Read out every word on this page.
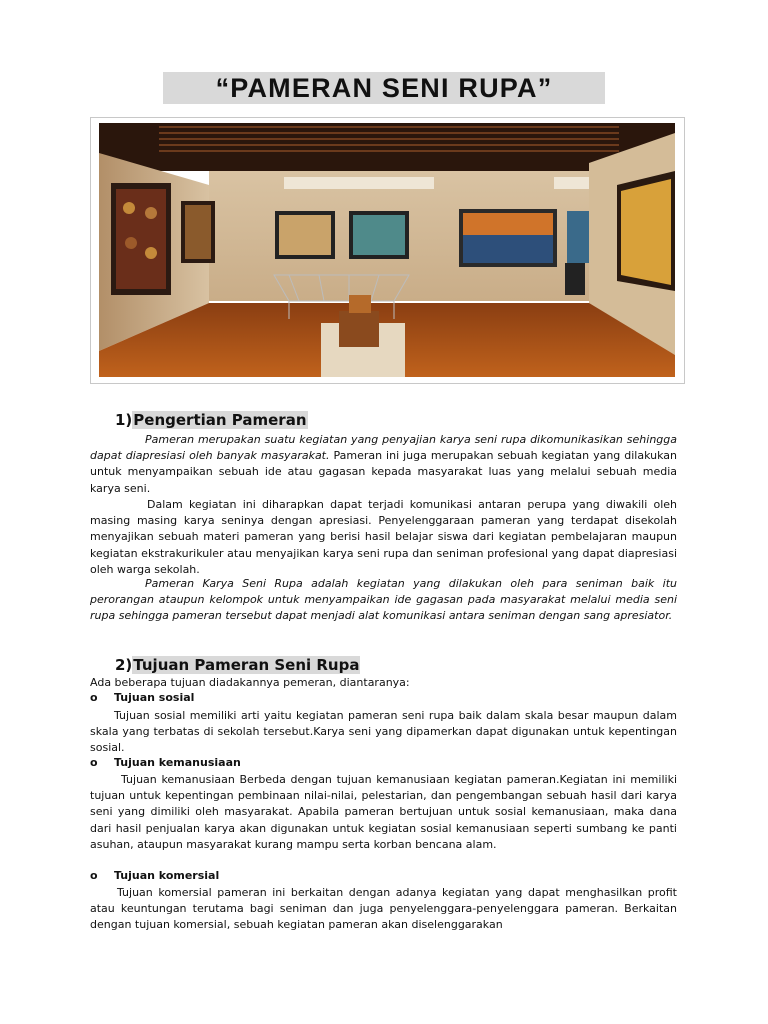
“PAMERAN SENI RUPA”
1)Pengertian Pameran

Pameran merupakan suatu kegiatan yang penyajian karya seni rupa dikomunikasikan sehingga dapat diapresiasi oleh banyak masyarakat. Pameran ini juga merupakan sebuah kegiatan yang dilakukan untuk menyampaikan sebuah ide atau gagasan kepada masyarakat luas yang melalui sebuah media karya seni.

Dalam kegiatan ini diharapkan dapat terjadi komunikasi antaran perupa yang diwakili oleh masing masing karya seninya dengan apresiasi. Penyelenggaraan pameran yang terdapat disekolah menyajikan sebuah materi pameran yang berisi hasil belajar siswa dari kegiatan pembelajaran maupun kegiatan ekstrakurikuler atau menyajikan karya seni rupa dan seniman profesional yang dapat diapresiasi oleh warga sekolah.

Pameran Karya Seni Rupa adalah kegiatan yang dilakukan oleh para seniman baik itu perorangan ataupun kelompok untuk menyampaikan ide gagasan pada masyarakat melalui media seni rupa sehingga pameran tersebut dapat menjadi alat komunikasi antara seniman dengan sang apresiator.

2)Tujuan Pameran Seni Rupa

Ada beberapa tujuan diadakannya pemeran, diantaranya:

o Tujuan sosial

Tujuan sosial memiliki arti yaitu kegiatan pameran seni rupa baik dalam skala besar maupun dalam skala yang terbatas di sekolah tersebut.Karya seni yang dipamerkan dapat digunakan untuk kepentingan sosial.

o Tujuan kemanusiaan

Tujuan kemanusiaan Berbeda dengan tujuan kemanusiaan kegiatan pameran.Kegiatan ini memiliki tujuan untuk kepentingan pembinaan nilai-nilai, pelestarian, dan pengembangan sebuah hasil dari karya seni yang dimiliki oleh masyarakat. Apabila pameran bertujuan untuk sosial kemanusiaan, maka dana dari hasil penjualan karya akan digunakan untuk kegiatan sosial kemanusiaan seperti sumbang ke panti asuhan, ataupun masyarakat kurang mampu serta korban bencana alam.

o Tujuan komersial

Tujuan komersial pameran ini berkaitan dengan adanya kegiatan yang dapat menghasilkan profit atau keuntungan terutama bagi seniman dan juga penyelenggara-penyelenggara pameran. Berkaitan dengan tujuan komersial, sebuah kegiatan pameran akan diselenggarakan
